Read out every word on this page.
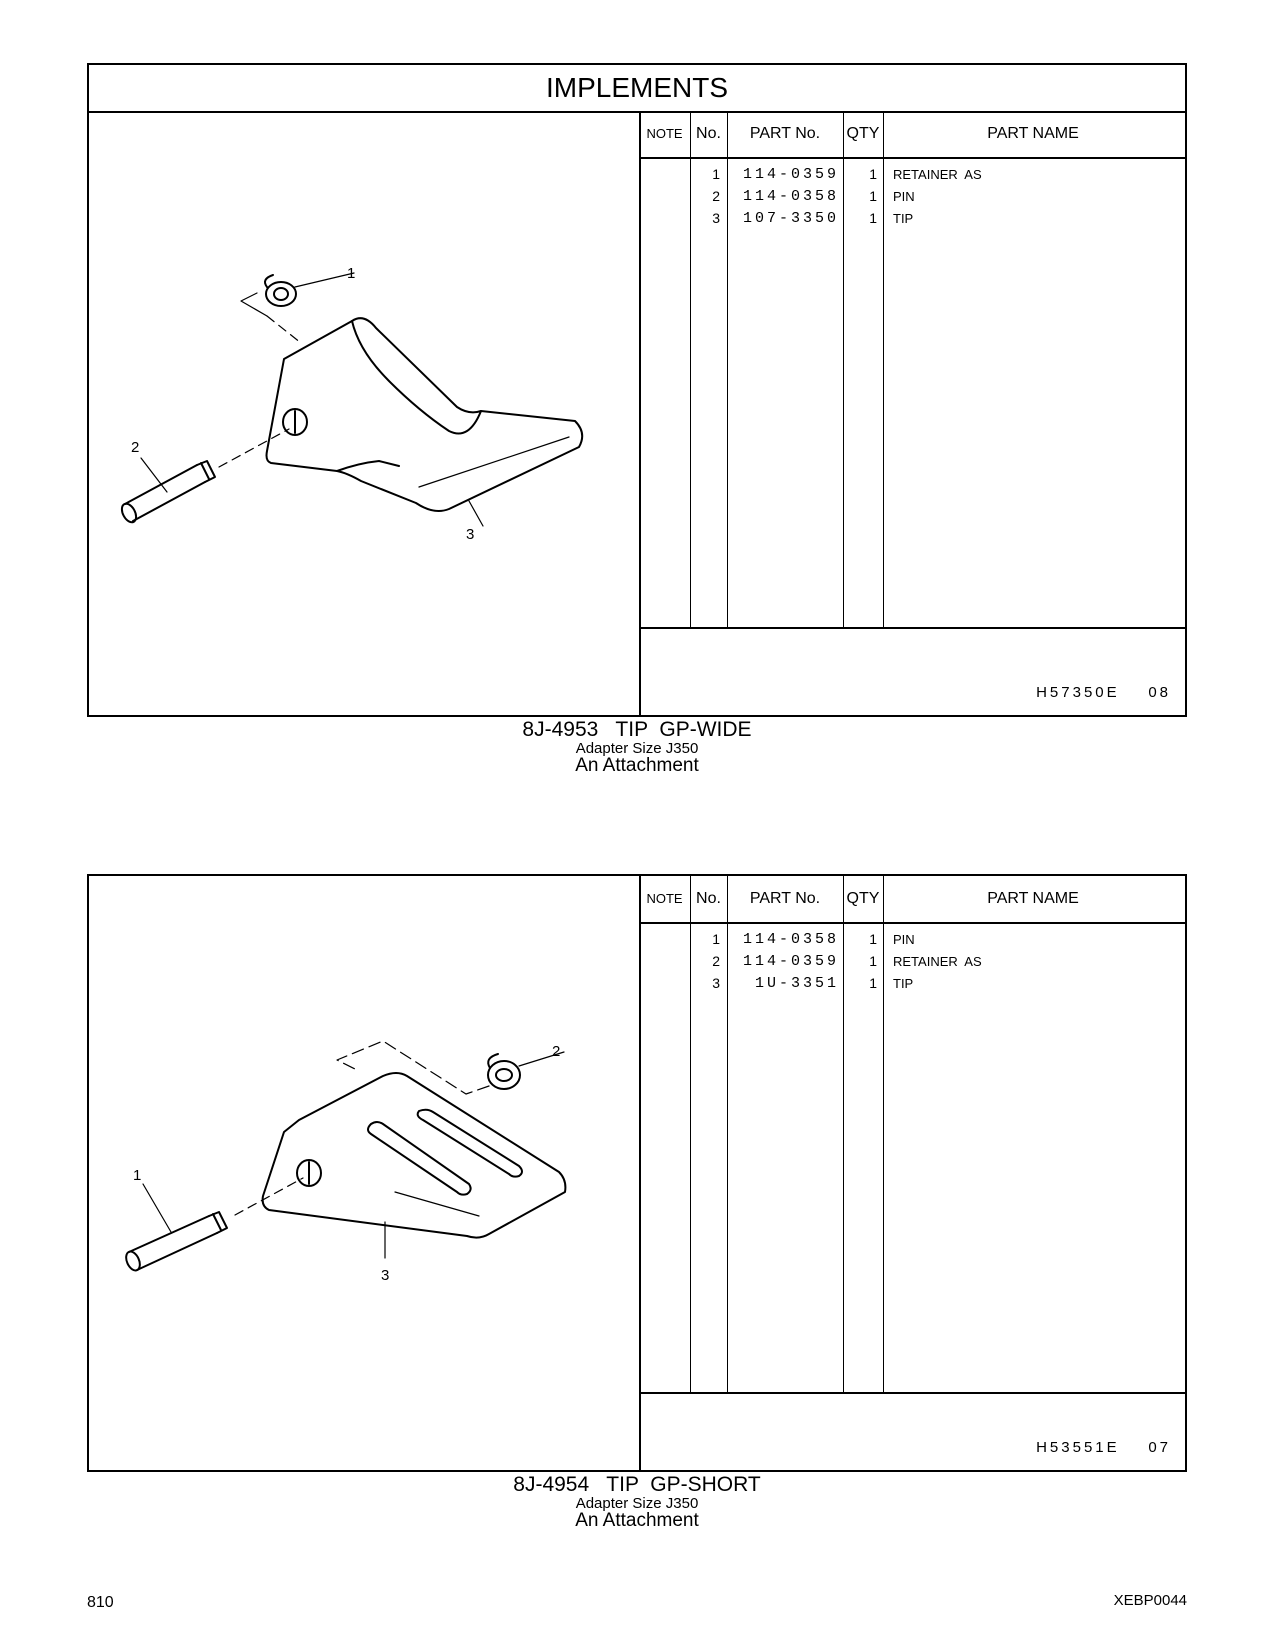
IMPLEMENTS
1
2
3
NOTE No.	PART No.	QTY	PART NAME
1	114-0359	1 RETAINER  AS
2	114-0358	1 PIN
3	107-3350	1 TIP
H57350E    08
8J-4953   TIP  GP-WIDE
Adapter Size J350
An Attachment
2
1
3
NOTE No.	PART No.	QTY	PART NAME
1	114-0358	1 PIN
2	114-0359	1 RETAINER  AS
3	1U-3351	1 TIP
H53551E    07
8J-4954   TIP  GP-SHORT
Adapter Size J350
An Attachment
810	XEBP0044
